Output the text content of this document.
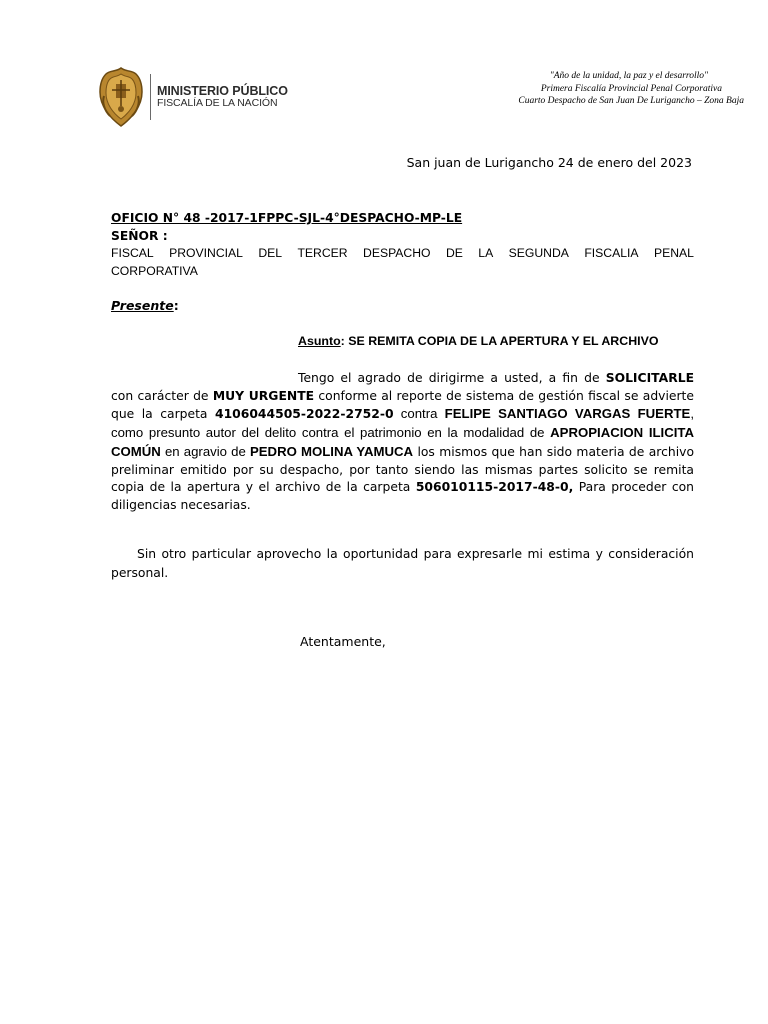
MINISTERIO PÚBLICO
FISCALÍA DE LA NACIÓN
"Año de la unidad, la paz y el desarrollo"
Primera Fiscalía Provincial Penal Corporativa
Cuarto Despacho de San Juan De Lurigancho – Zona Baja
San juan de Lurigancho 24 de enero del 2023
OFICIO N° 48 -2017-1FPPC-SJL-4°DESPACHO-MP-LE
SEÑOR :
FISCAL PROVINCIAL DEL TERCER DESPACHO DE LA SEGUNDA FISCALIA PENAL
CORPORATIVA
Presente:
Asunto: SE REMITA COPIA DE LA APERTURA Y EL ARCHIVO
Tengo el agrado de dirigirme a usted, a fin de SOLICITARLE con carácter de MUY URGENTE conforme al reporte de sistema de gestión fiscal se advierte que la carpeta 4106044505-2022-2752-0 contra FELIPE SANTIAGO VARGAS FUERTE, como presunto autor del delito contra el patrimonio en la modalidad de APROPIACION ILICITA COMÚN en agravio de PEDRO MOLINA YAMUCA los mismos que han sido materia de archivo preliminar emitido por su despacho, por tanto siendo las mismas partes solicito se remita copia de la apertura y el archivo de la carpeta 506010115-2017-48-0, Para proceder con diligencias necesarias.
Sin otro particular aprovecho la oportunidad para expresarle mi estima y consideración personal.
Atentamente,
